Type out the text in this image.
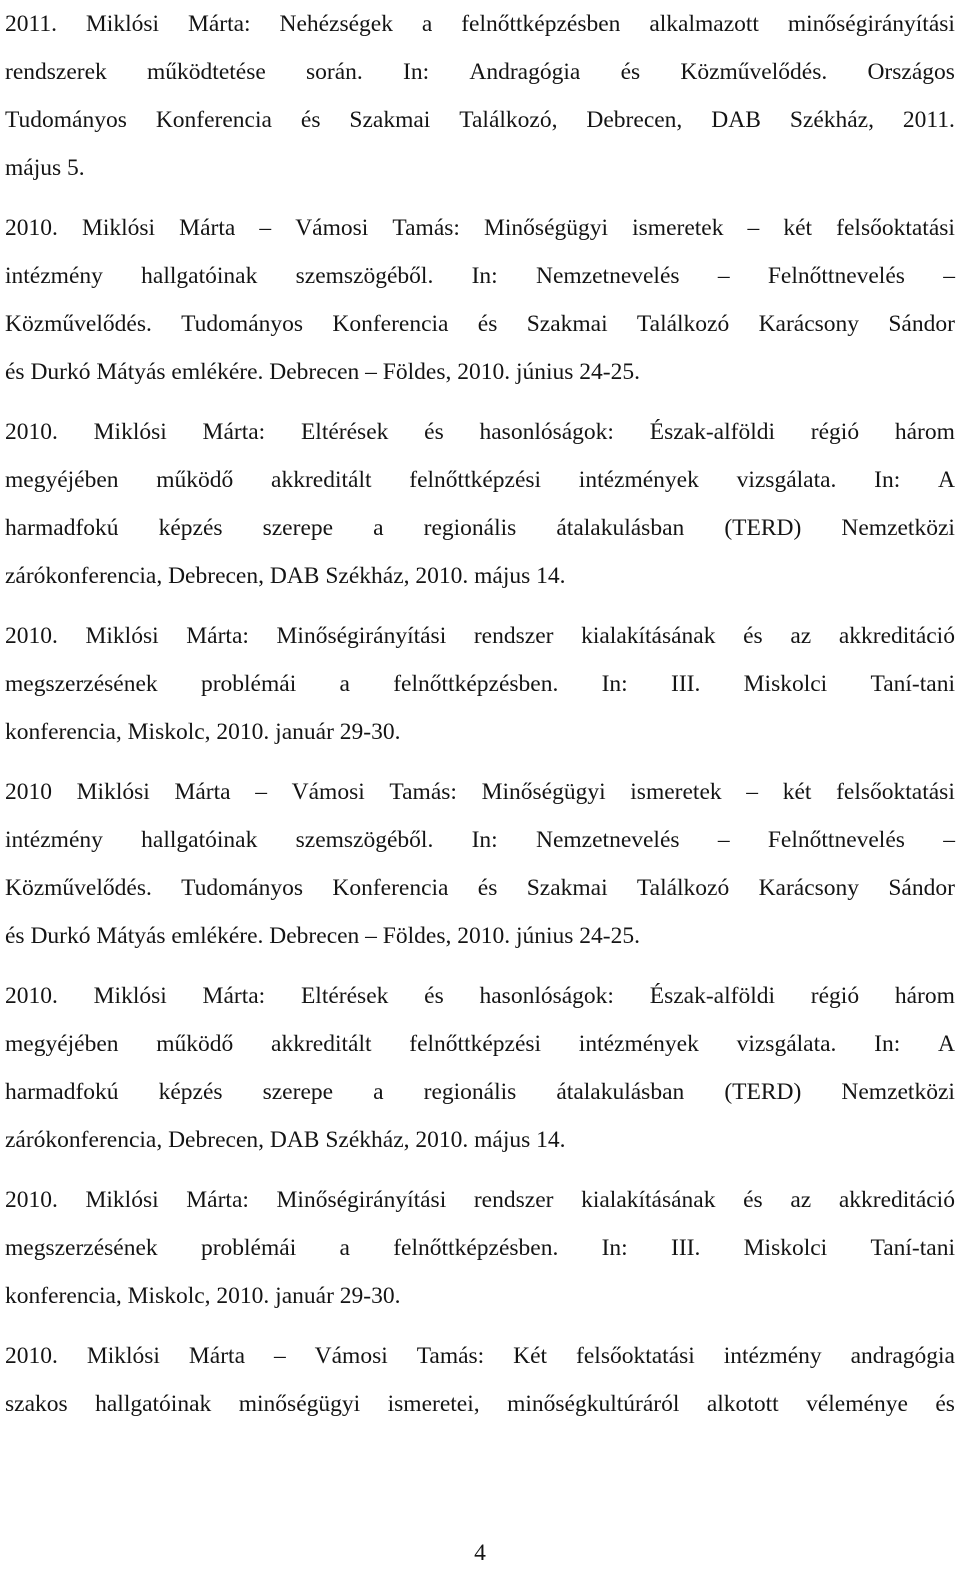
2011. Miklósi Márta: Nehézségek a felnőttképzésben alkalmazott minőségirányítási
rendszerek működtetése során. In: Andragógia és Közművelődés. Országos
Tudományos Konferencia és Szakmai Találkozó, Debrecen, DAB Székház, 2011.
május 5.
2010. Miklósi Márta – Vámosi Tamás: Minőségügyi ismeretek – két felsőoktatási
intézmény hallgatóinak szemszögéből. In: Nemzetnevelés – Felnőttnevelés –
Közművelődés. Tudományos Konferencia és Szakmai Találkozó Karácsony Sándor
és Durkó Mátyás emlékére. Debrecen – Földes, 2010. június 24-25.
2010. Miklósi Márta: Eltérések és hasonlóságok: Észak-alföldi régió három
megyéjében működő akkreditált felnőttképzési intézmények vizsgálata. In: A
harmadfokú képzés szerepe a regionális átalakulásban (TERD) Nemzetközi
zárókonferencia, Debrecen, DAB Székház, 2010. május 14.
2010. Miklósi Márta: Minőségirányítási rendszer kialakításának és az akkreditáció
megszerzésének problémái a felnőttképzésben. In: III. Miskolci Taní-tani
konferencia, Miskolc, 2010. január 29-30.
2010 Miklósi Márta – Vámosi Tamás: Minőségügyi ismeretek – két felsőoktatási
intézmény hallgatóinak szemszögéből. In: Nemzetnevelés – Felnőttnevelés –
Közművelődés. Tudományos Konferencia és Szakmai Találkozó Karácsony Sándor
és Durkó Mátyás emlékére. Debrecen – Földes, 2010. június 24-25.
2010. Miklósi Márta: Eltérések és hasonlóságok: Észak-alföldi régió három
megyéjében működő akkreditált felnőttképzési intézmények vizsgálata. In: A
harmadfokú képzés szerepe a regionális átalakulásban (TERD) Nemzetközi
zárókonferencia, Debrecen, DAB Székház, 2010. május 14.
2010. Miklósi Márta: Minőségirányítási rendszer kialakításának és az akkreditáció
megszerzésének problémái a felnőttképzésben. In: III. Miskolci Taní-tani
konferencia, Miskolc, 2010. január 29-30.
2010. Miklósi Márta – Vámosi Tamás: Két felsőoktatási intézmény andragógia
szakos hallgatóinak minőségügyi ismeretei, minőségkultúráról alkotott véleménye és
4
